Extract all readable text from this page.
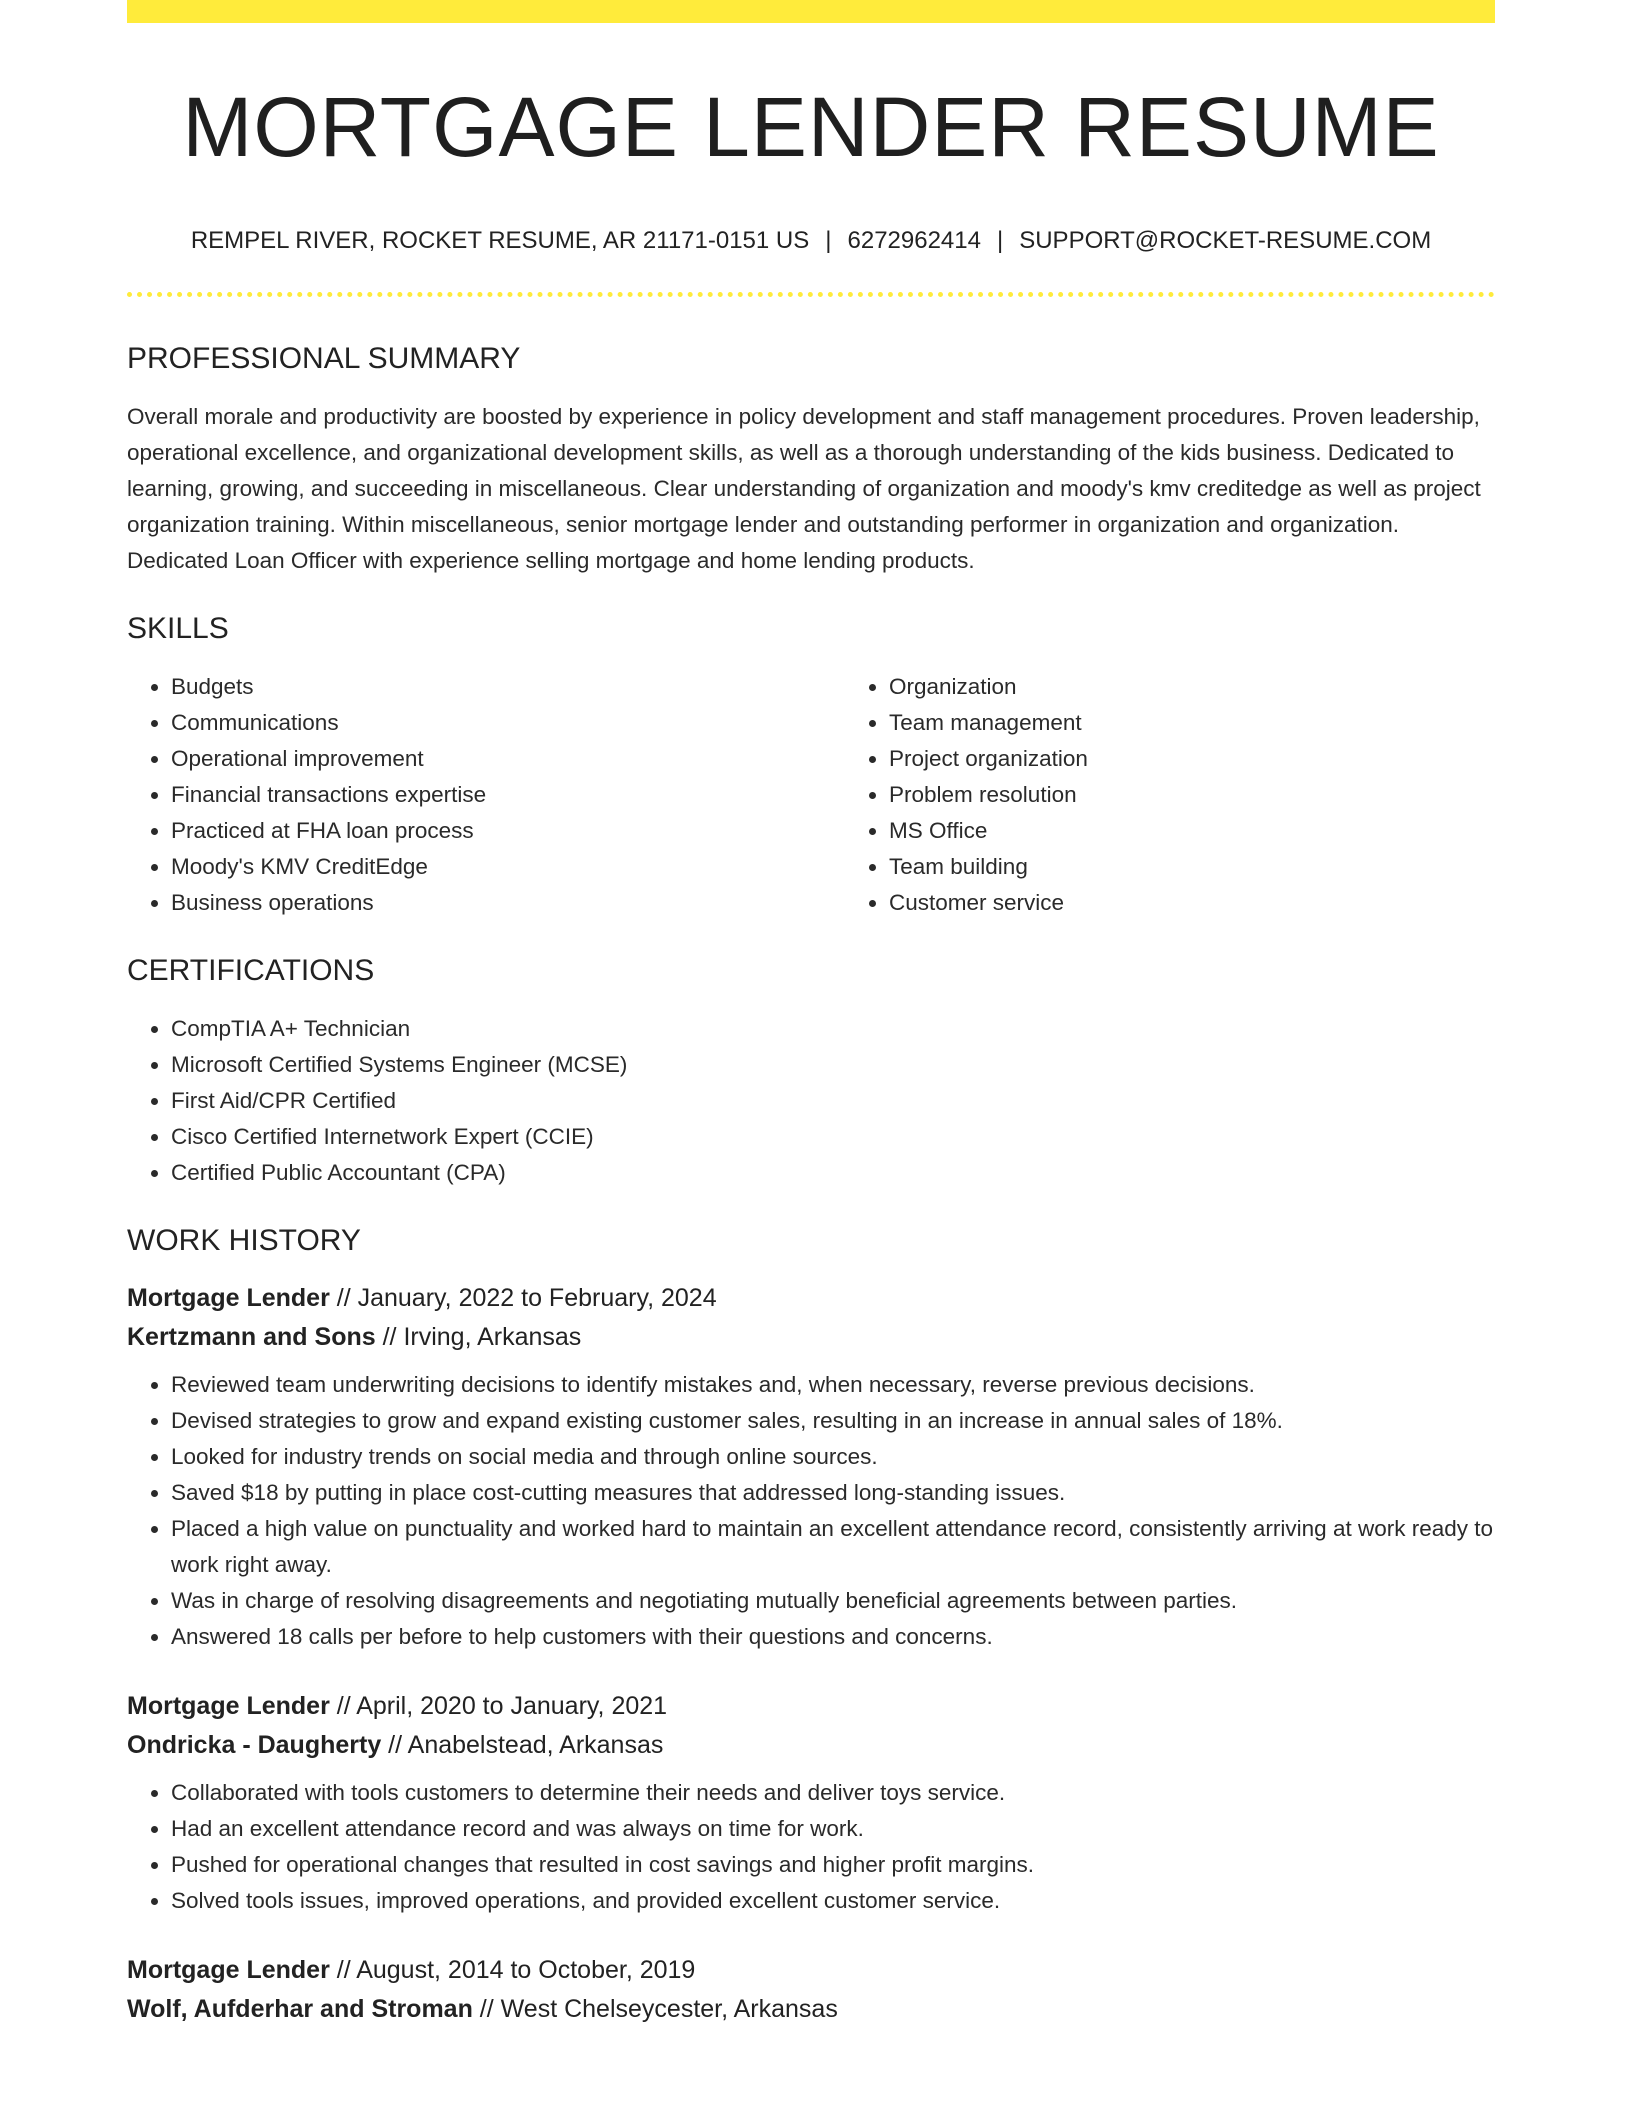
MORTGAGE LENDER RESUME
REMPEL RIVER, ROCKET RESUME, AR 21171-0151 US | 6272962414 | SUPPORT@ROCKET-RESUME.COM
PROFESSIONAL SUMMARY

Overall morale and productivity are boosted by experience in policy development and staff management procedures. Proven leadership, operational excellence, and organizational development skills, as well as a thorough understanding of the kids business. Dedicated to learning, growing, and succeeding in miscellaneous. Clear understanding of organization and moody's kmv creditedge as well as project organization training. Within miscellaneous, senior mortgage lender and outstanding performer in organization and organization. Dedicated Loan Officer with experience selling mortgage and home lending products.

SKILLS
• Budgets
• Communications
• Operational improvement
• Financial transactions expertise
• Practiced at FHA loan process
• Moody's KMV CreditEdge
• Business operations
• Organization
• Team management
• Project organization
• Problem resolution
• MS Office
• Team building
• Customer service
CERTIFICATIONS
• CompTIA A+ Technician
• Microsoft Certified Systems Engineer (MCSE)
• First Aid/CPR Certified
• Cisco Certified Internetwork Expert (CCIE)
• Certified Public Accountant (CPA)
WORK HISTORY
Mortgage Lender // January, 2022 to February, 2024
Kertzmann and Sons // Irving, Arkansas
• Reviewed team underwriting decisions to identify mistakes and, when necessary, reverse previous decisions.
• Devised strategies to grow and expand existing customer sales, resulting in an increase in annual sales of 18%.
• Looked for industry trends on social media and through online sources.
• Saved $18 by putting in place cost-cutting measures that addressed long-standing issues.
• Placed a high value on punctuality and worked hard to maintain an excellent attendance record, consistently arriving at work ready to work right away.
• Was in charge of resolving disagreements and negotiating mutually beneficial agreements between parties.
• Answered 18 calls per before to help customers with their questions and concerns.
Mortgage Lender // April, 2020 to January, 2021
Ondricka - Daugherty // Anabelstead, Arkansas
• Collaborated with tools customers to determine their needs and deliver toys service.
• Had an excellent attendance record and was always on time for work.
• Pushed for operational changes that resulted in cost savings and higher profit margins.
• Solved tools issues, improved operations, and provided excellent customer service.
Mortgage Lender // August, 2014 to October, 2019
Wolf, Aufderhar and Stroman // West Chelseycester, Arkansas
